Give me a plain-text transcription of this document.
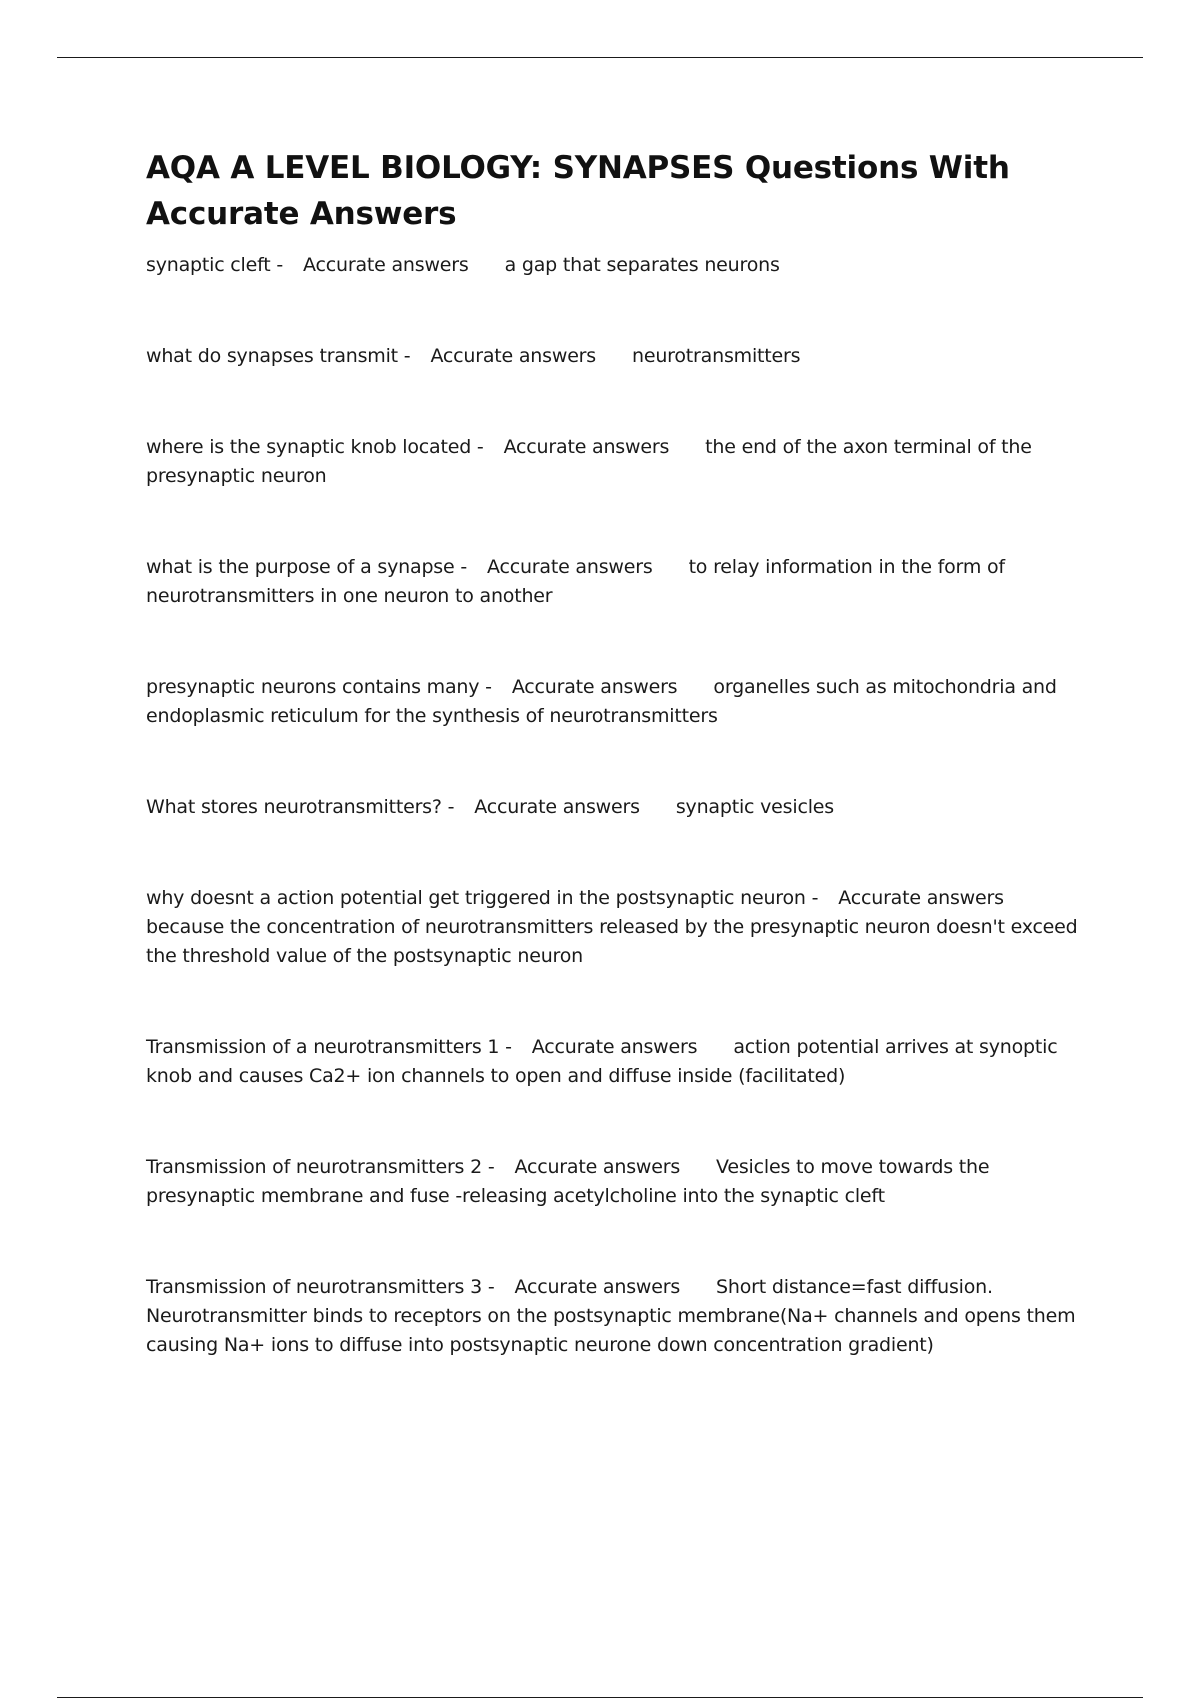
AQA A LEVEL BIOLOGY: SYNAPSES Questions With Accurate Answers

synaptic cleft - Accurate answers a gap that separates neurons

what do synapses transmit - Accurate answers neurotransmitters

where is the synaptic knob located - Accurate answers the end of the axon terminal of the presynaptic neuron

what is the purpose of a synapse - Accurate answers to relay information in the form of neurotransmitters in one neuron to another

presynaptic neurons contains many - Accurate answers organelles such as mitochondria and endoplasmic reticulum for the synthesis of neurotransmitters

What stores neurotransmitters? - Accurate answers synaptic vesicles

why doesnt a action potential get triggered in the postsynaptic neuron - Accurate answersbecause the concentration of neurotransmitters released by the presynaptic neuron doesn't exceed the threshold value of the postsynaptic neuron

Transmission of a neurotransmitters 1 - Accurate answers action potential arrives at synoptic knob and causes Ca2+ ion channels to open and diffuse inside (facilitated)

Transmission of neurotransmitters 2 - Accurate answers Vesicles to move towards the presynaptic membrane and fuse -releasing acetylcholine into the synaptic cleft

Transmission of neurotransmitters 3 - Accurate answers Short distance=fast diffusion. Neurotransmitter binds to receptors on the postsynaptic membrane(Na+ channels and opens them causing Na+ ions to diffuse into postsynaptic neurone down concentration gradient)
